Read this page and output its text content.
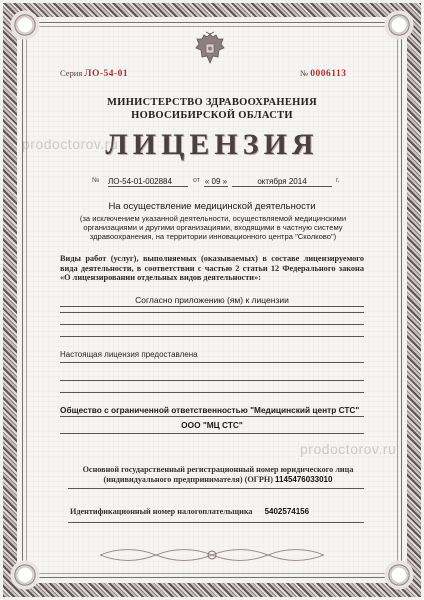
Серия ЛО-54-01	№ 0006113
МИНИСТЕРСТВО ЗДРАВООХРАНЕНИЯ
НОВОСИБИРСКОЙ ОБЛАСТИ
ЛИЦЕНЗИЯ
prodoctorov.ru
prodoctorov.ru
№ ЛО-54-01-002884	от « 09 »	октября 2014	г.
На осуществление медицинской деятельности
(за исключением указанной деятельности, осуществляемой медицинскими организациями и другими организациями, входящими в частную систему здравоохранения, на территории инновационного центра "Сколково")
Виды работ (услуг), выполняемых (оказываемых) в составе лицензируемого вида деятельности, в соответствии с частью 2 статьи 12 Федерального закона «О лицензировании отдельных видов деятельности»:
Согласно приложению (ям) к лицензии
Настоящая лицензия предоставлена
Общество с ограниченной ответственностью "Медицинский центр СТС"
ООО "МЦ СТС"
Основной государственный регистрационный номер юридического лица
(индивидуального предпринимателя) (ОГРН) 1145476033010
Идентификационный номер налогоплательщика 5402574156
